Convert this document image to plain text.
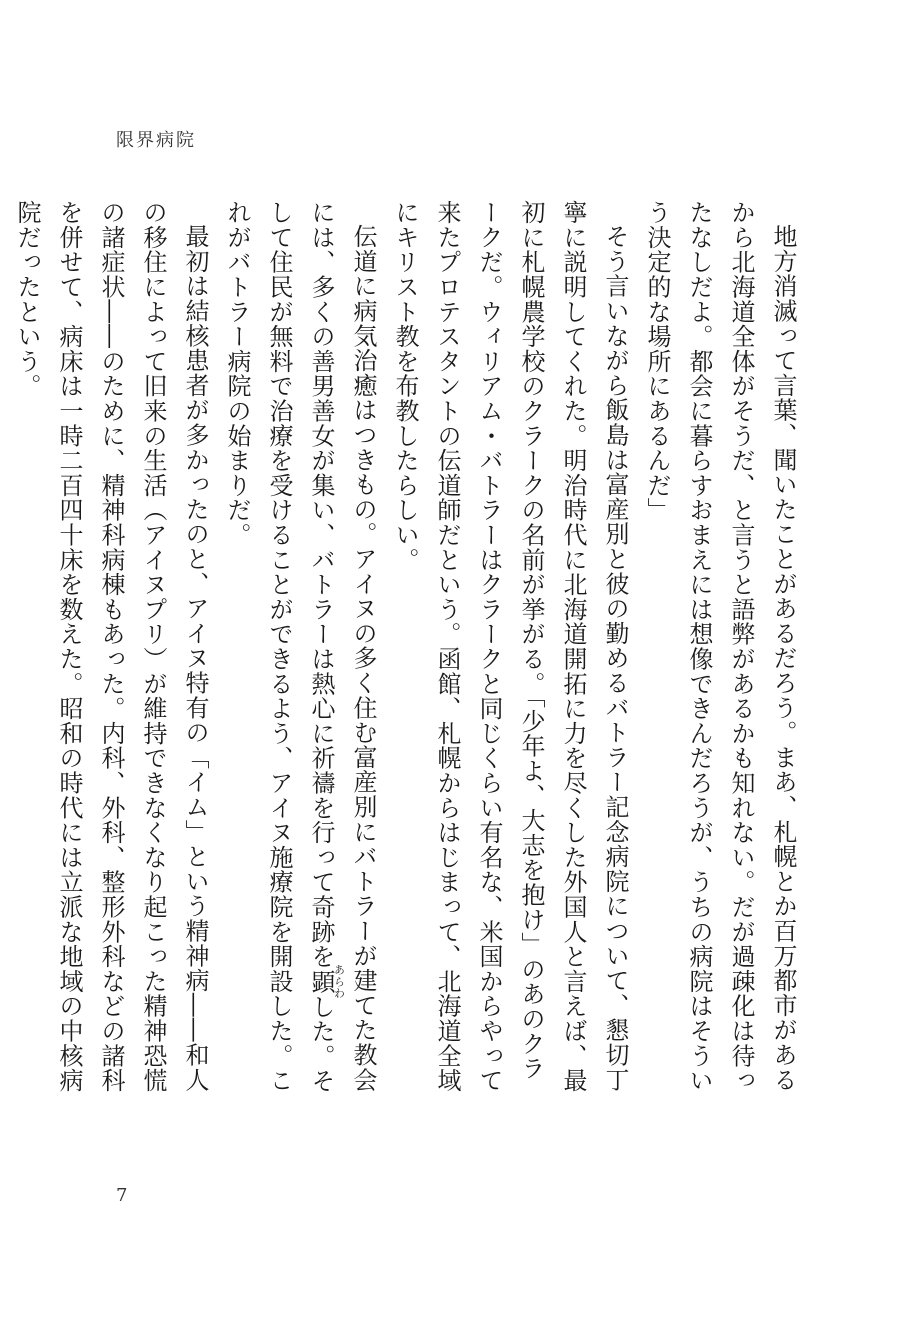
限界病院

地方消滅って言葉、聞いたことがあるだろう。まあ、札幌とか百万都市があるから北海道全体がそうだ、と言うと語弊があるかも知れない。だが過疎化は待ったなしだよ。都会に暮らすおまえには想像できんだろうが、うちの病院はそういう決定的な場所にあるんだ」

そう言いながら飯島は富産別と彼の勤めるバトラー記念病院について、懇切丁寧に説明してくれた。明治時代に北海道開拓に力を尽くした外国人と言えば、最初に札幌農学校のクラークの名前が挙がる。「少年よ、大志を抱け」のあのクラークだ。ウィリアム・バトラーはクラークと同じくらい有名な、米国からやって来たプロテスタントの伝道師だという。函館、札幌からはじまって、北海道全域にキリスト教を布教したらしい。

伝道に病気治癒はつきもの。アイヌの多く住む富産別にバトラーが建てた教会には、多くの善男善女が集い、バトラーは熱心に祈禱を行って奇跡を顕あらわした。そして住民が無料で治療を受けることができるよう、アイヌ施療院を開設した。これがバトラー病院の始まりだ。

最初は結核患者が多かったのと、アイヌ特有の「イム」という精神病――和人の移住によって旧来の生活（アイヌプリ）が維持できなくなり起こった精神恐慌の諸症状――のために、精神科病棟もあった。内科、外科、整形外科などの諸科を併せて、病床は一時二百四十床を数えた。昭和の時代には立派な地域の中核病院だったという。

7
